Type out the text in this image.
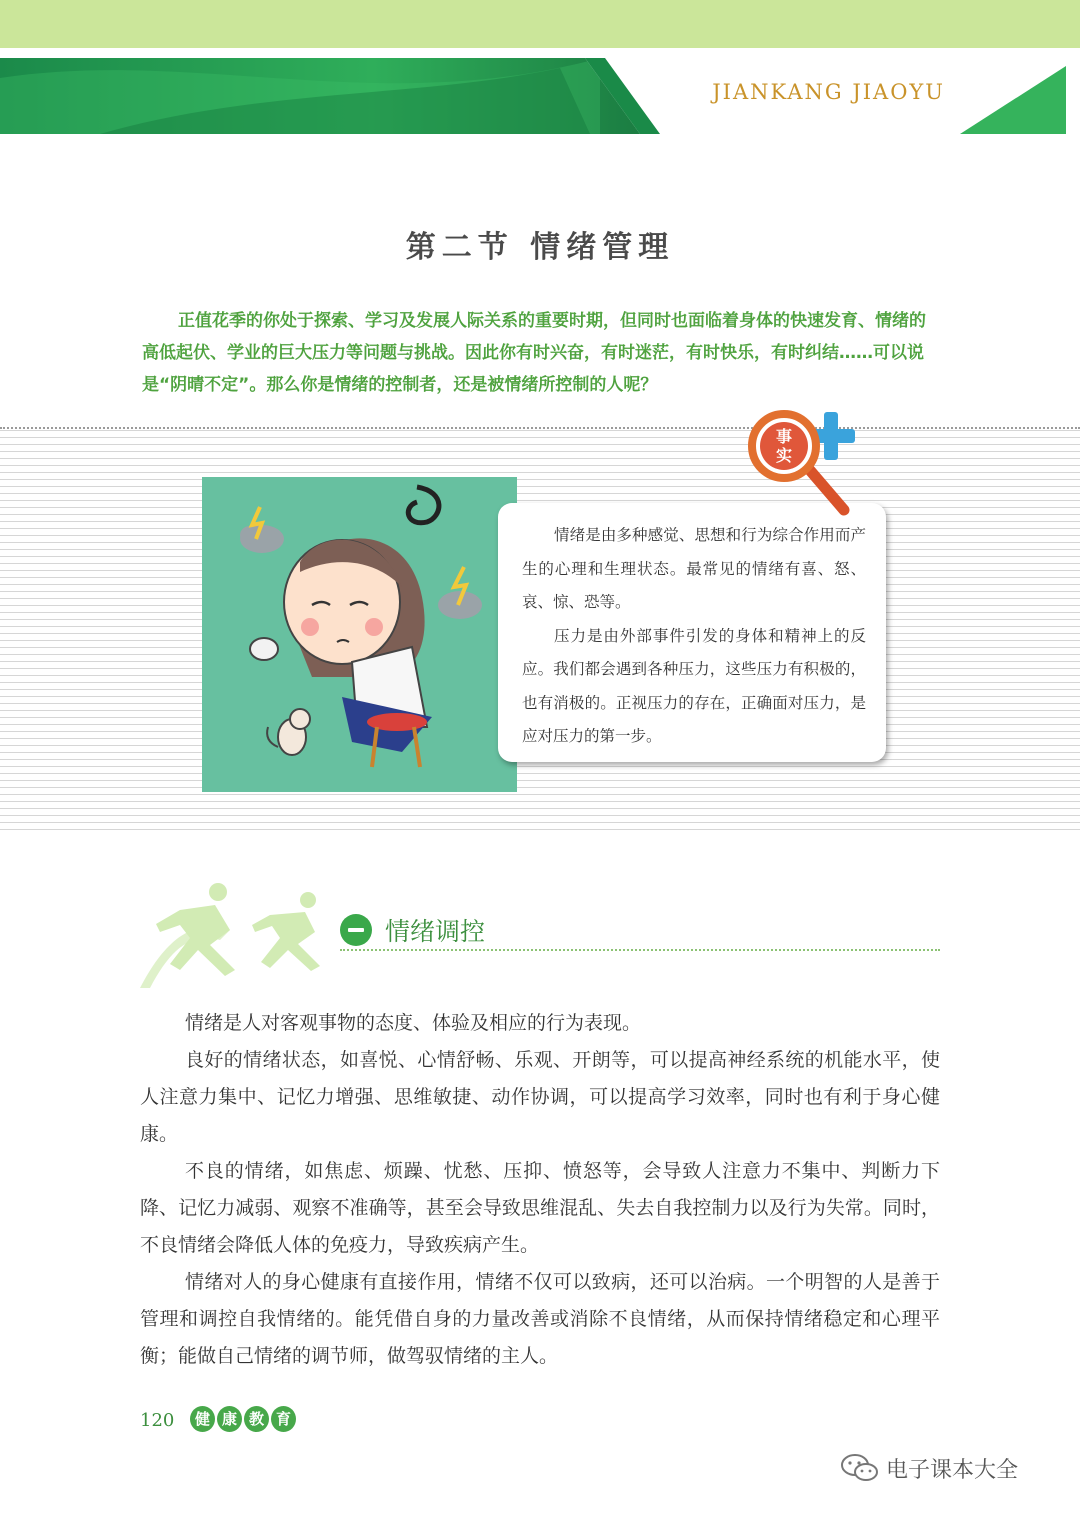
JIANKANG JIAOYU
第二节 情绪管理

正值花季的你处于探索、学习及发展人际关系的重要时期，但同时也面临着身体的快速发育、情绪的高低起伏、学业的巨大压力等问题与挑战。因此你有时兴奋，有时迷茫，有时快乐，有时纠结……可以说是“阴晴不定”。那么你是情绪的控制者，还是被情绪所控制的人呢？

情绪是由多种感觉、思想和行为综合作用而产生的心理和生理状态。最常见的情绪有喜、怒、哀、惊、恐等。

压力是由外部事件引发的身体和精神上的反应。我们都会遇到各种压力，这些压力有积极的，也有消极的。正视压力的存在，正确面对压力，是应对压力的第一步。

事
实
情绪调控

情绪是人对客观事物的态度、体验及相应的行为表现。

良好的情绪状态，如喜悦、心情舒畅、乐观、开朗等，可以提高神经系统的机能水平，使人注意力集中、记忆力增强、思维敏捷、动作协调，可以提高学习效率，同时也有利于身心健康。

不良的情绪，如焦虑、烦躁、忧愁、压抑、愤怒等，会导致人注意力不集中、判断力下降、记忆力减弱、观察不准确等，甚至会导致思维混乱、失去自我控制力以及行为失常。同时，不良情绪会降低人体的免疫力，导致疾病产生。

情绪对人的身心健康有直接作用，情绪不仅可以致病，还可以治病。一个明智的人是善于管理和调控自我情绪的。能凭借自身的力量改善或消除不良情绪，从而保持情绪稳定和心理平衡；能做自己情绪的调节师，做驾驭情绪的主人。

120	健 康 教 育
电子课本大全
